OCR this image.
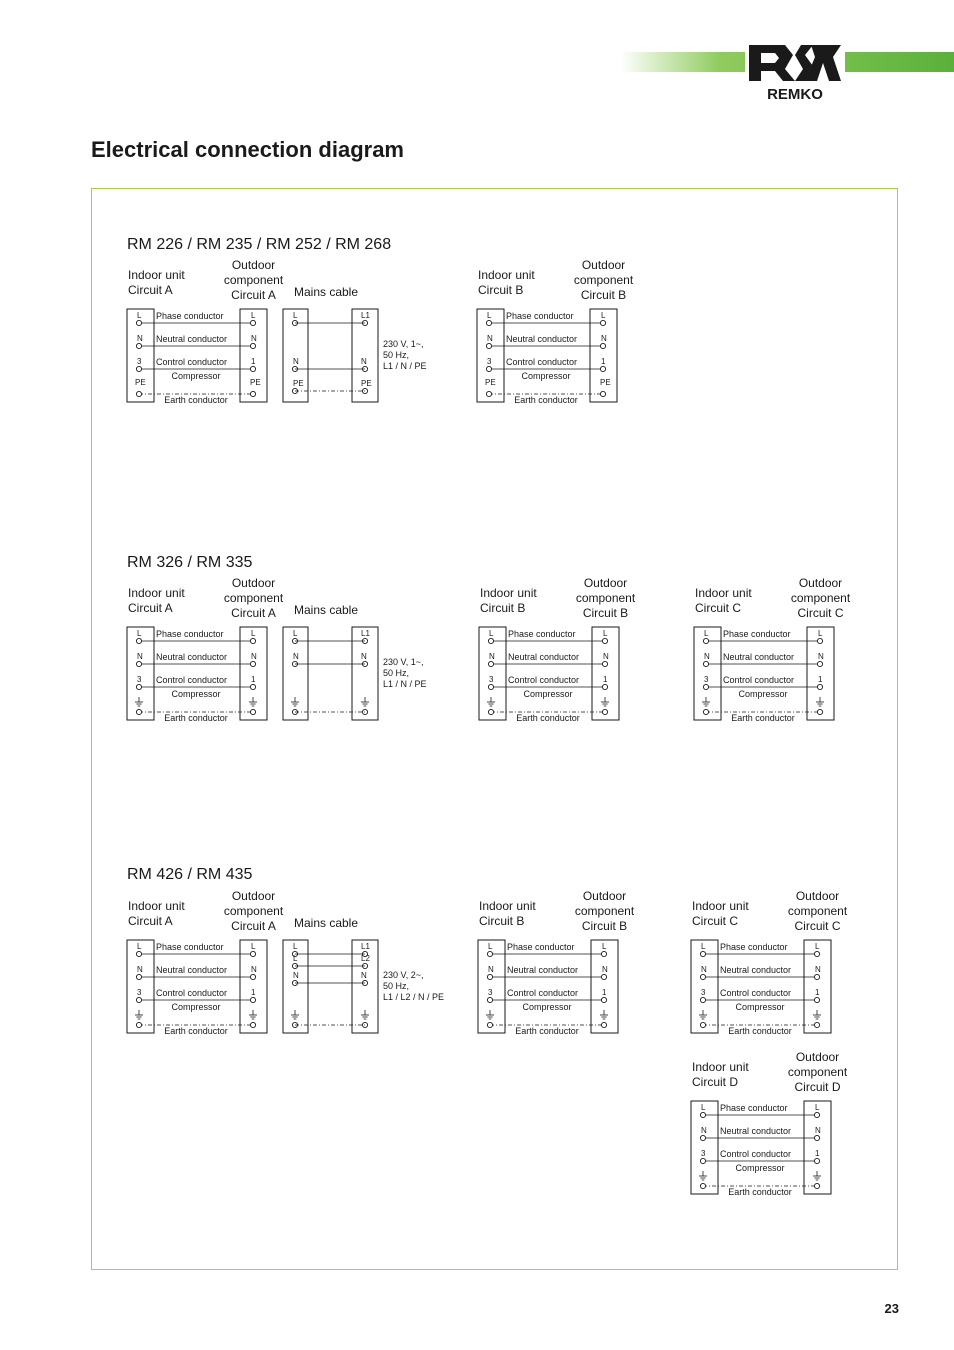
REMKO
Electrical connection diagram
RM 226 / RM 235 / RM 252 / RM 268
RM 326 / RM 335
RM 426 / RM 435
Indoor unit
Circuit A
Outdoor
component
Circuit A
L	L
Phase conductor
N	N
Neutral conductor
3	1
Control conductor
Compressor
PE	PE
Earth conductor
Mains cable
L	L1
N	N
PE	PE
230 V, 1~,
50 Hz,
L1 / N / PE
Indoor unit
Circuit B
Outdoor
component
Circuit B
L	L
Phase conductor
N	N
Neutral conductor
3	1
Control conductor
Compressor
PE	PE
Earth conductor
Indoor unit
Circuit A
Outdoor
component
Circuit A
L	L
Phase conductor
N	N
Neutral conductor
3	1
Control conductor
Compressor
Earth conductor
Mains cable
L	L1
N	N
230 V, 1~,
50 Hz,
L1 / N / PE
Indoor unit
Circuit B
Outdoor
component
Circuit B
L	L
Phase conductor
N	N
Neutral conductor
3	1
Control conductor
Compressor
Earth conductor
Indoor unit
Circuit C
Outdoor
component
Circuit C
L	L
Phase conductor
N	N
Neutral conductor
3	1
Control conductor
Compressor
Earth conductor
Indoor unit
Circuit A
Outdoor
component
Circuit A
L	L
Phase conductor
N	N
Neutral conductor
3	1
Control conductor
Compressor
Earth conductor
Mains cable
L	L1
L	L2
N	N 230 V, 2~,
50 Hz,
L1 / L2 / N / PE
Indoor unit
Circuit B
Outdoor
component
Circuit B
L	L
Phase conductor
N	N
Neutral conductor
3	1
Control conductor
Compressor
Earth conductor
Indoor unit
Circuit C
Outdoor
component
Circuit C
L	L
Phase conductor
N	N
Neutral conductor
3	1
Control conductor
Compressor
Earth conductor
Indoor unit
Circuit D
Outdoor
component
Circuit D
L	L
Phase conductor
N	N
Neutral conductor
3	1
Control conductor
Compressor
Earth conductor
23
